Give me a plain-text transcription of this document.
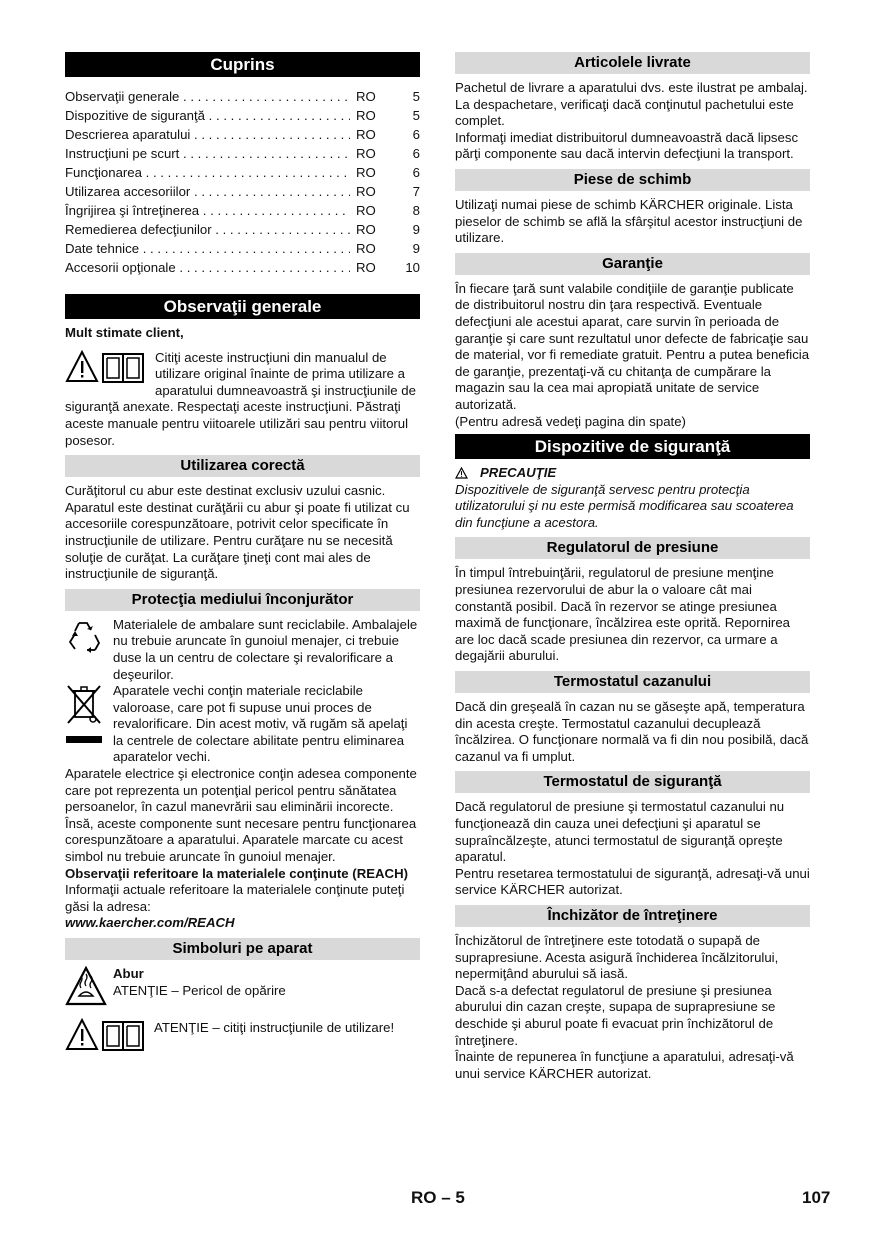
Cuprins
Observaţii generale . . .	RO	5
Dispozitive de siguranţă . . .	RO	5
Descrierea aparatului . . .	RO	6
Instrucţiuni pe scurt . . .	RO	6
Funcţionarea . . .	RO	6
Utilizarea accesoriilor . . .	RO	7
Îngrijirea şi întreţinerea . . .	RO	8
Remedierea defecţiunilor . . .	RO	9
Date tehnice . . .	RO	9
Accesorii opţionale . . .	RO	10
Observaţii generale

Mult stimate client,

Citiţi aceste instrucţiuni din manualul de utilizare original înainte de prima utilizare a aparatului dumneavoastră şi instrucţiunile de siguranţă anexate. Respectaţi aceste instrucţiuni. Păstraţi aceste manuale pentru viitoarele utilizări sau pentru viitorul posesor.

Utilizarea corectă

Curăţitorul cu abur este destinat exclusiv uzului casnic. Aparatul este destinat curăţării cu abur şi poate fi utilizat cu accesoriile corespunzătoare, potrivit celor specificate în instrucţiunile de utilizare. Pentru curăţare nu se necesită soluţie de curăţat. La curăţare ţineţi cont mai ales de instrucţiunile de siguranţă.

Protecţia mediului înconjurător

Materialele de ambalare sunt reciclabile. Ambalajele nu trebuie aruncate în gunoiul menajer, ci trebuie duse la un centru de colectare şi revalorificare a deşeurilor.

Aparatele vechi conţin materiale reciclabile valoroase, care pot fi supuse unui proces de revalorificare. Din acest motiv, vă rugăm să apelaţi la centrele de colectare abilitate pentru eliminarea aparatelor vechi.

Aparatele electrice şi electronice conţin adesea componente care pot reprezenta un potenţial pericol pentru sănătatea persoanelor, în cazul manevrării sau eliminării incorecte. Însă, aceste componente sunt necesare pentru funcţionarea corespunzătoare a aparatului. Aparatele marcate cu acest simbol nu trebuie aruncate în gunoiul menajer.

Observaţii referitoare la materialele conţinute (REACH)

Informaţii actuale referitoare la materialele conţinute puteţi găsi la adresa:

www.kaercher.com/REACH

Simboluri pe aparat

Abur

ATENŢIE – Pericol de opărire

ATENŢIE – citiţi instrucţiunile de utilizare!

Articolele livrate

Pachetul de livrare a aparatului dvs. este ilustrat pe ambalaj. La despachetare, verificaţi dacă conţinutul pachetului este complet.

Informaţi imediat distribuitorul dumneavoastră dacă lipsesc părţi componente sau dacă intervin defecţiuni la transport.

Piese de schimb

Utilizaţi numai piese de schimb KÄRCHER originale. Lista pieselor de schimb se află la sfârşitul acestor instrucţiuni de utilizare.

Garanţie

În fiecare ţară sunt valabile condiţiile de garanţie publicate de distribuitorul nostru din ţara respectivă. Eventuale defecţiuni ale acestui aparat, care survin în perioada de garanţie şi care sunt rezultatul unor defecte de fabricaţie sau de material, vor fi remediate gratuit. Pentru a putea beneficia de garanţie, prezentaţi-vă cu chitanţa de cumpărare la magazin sau la cea mai apropiată unitate de service autorizată.

(Pentru adresă vedeţi pagina din spate)

Dispozitive de siguranţă

PRECAUŢIE

Dispozitivele de siguranţă servesc pentru protecţia utilizatorului şi nu este permisă modificarea sau scoaterea din funcţiune a acestora.

Regulatorul de presiune

În timpul întrebuinţării, regulatorul de presiune menţine presiunea rezervorului de abur la o valoare cât mai constantă posibil. Dacă în rezervor se atinge presiunea maximă de funcţionare, încălzirea este oprită. Repornirea are loc dacă scade presiunea din rezervor, ca urmare a degajării aburului.

Termostatul cazanului

Dacă din greşeală în cazan nu se găseşte apă, temperatura din acesta creşte. Termostatul cazanului decuplează încălzirea. O funcţionare normală va fi din nou posibilă, dacă cazanul va fi umplut.

Termostatul de siguranţă

Dacă regulatorul de presiune şi termostatul cazanului nu funcţionează din cauza unei defecţiuni şi aparatul se supraîncălzeşte, atunci termostatul de siguranţă opreşte aparatul.

Pentru resetarea termostatului de siguranţă, adresaţi-vă unui service KÄRCHER autorizat.

Închizător de întreţinere

Închizătorul de întreţinere este totodată o supapă de suprapresiune. Acesta asigură închiderea încălzitorului, nepermiţând aburului să iasă.

Dacă s-a defectat regulatorul de presiune şi presiunea aburului din cazan creşte, supapa de suprapresiune se deschide şi aburul poate fi evacuat prin închizătorul de întreţinere.

Înainte de repunerea în funcţiune a aparatului, adresaţi-vă unui service KÄRCHER autorizat.

RO – 5	107
